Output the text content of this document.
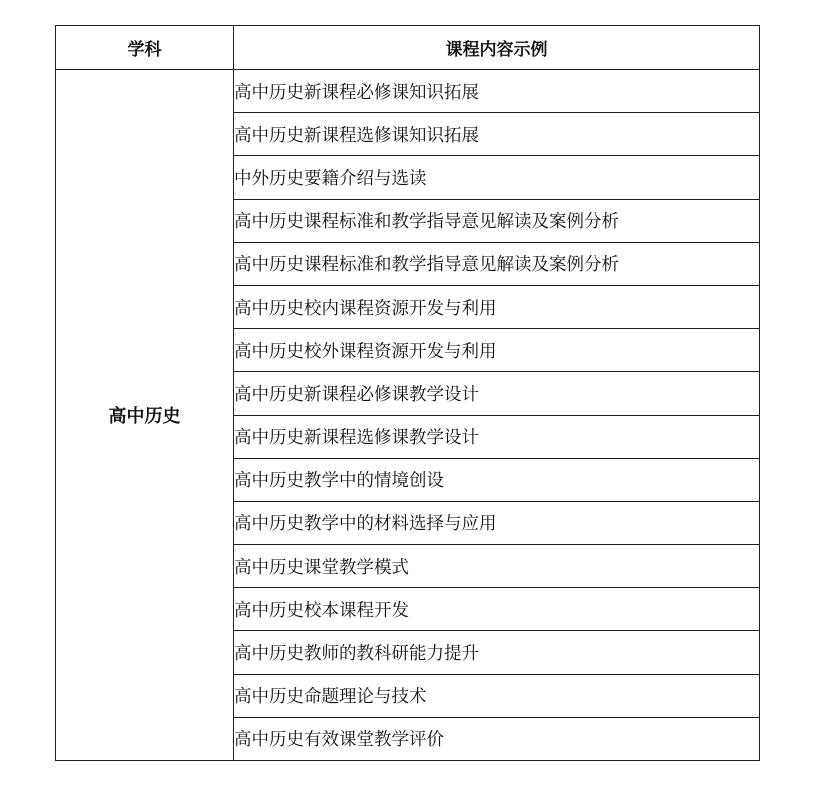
学科	课程内容示例
高中历史	高中历史新课程必修课知识拓展
	高中历史新课程选修课知识拓展
	中外历史要籍介绍与选读
	高中历史课程标准和教学指导意见解读及案例分析
	高中历史课程标准和教学指导意见解读及案例分析
	高中历史校内课程资源开发与利用
	高中历史校外课程资源开发与利用
	高中历史新课程必修课教学设计
	高中历史新课程选修课教学设计
	高中历史教学中的情境创设
	高中历史教学中的材料选择与应用
	高中历史课堂教学模式
	高中历史校本课程开发
	高中历史教师的教科研能力提升
	高中历史命题理论与技术
	高中历史有效课堂教学评价
